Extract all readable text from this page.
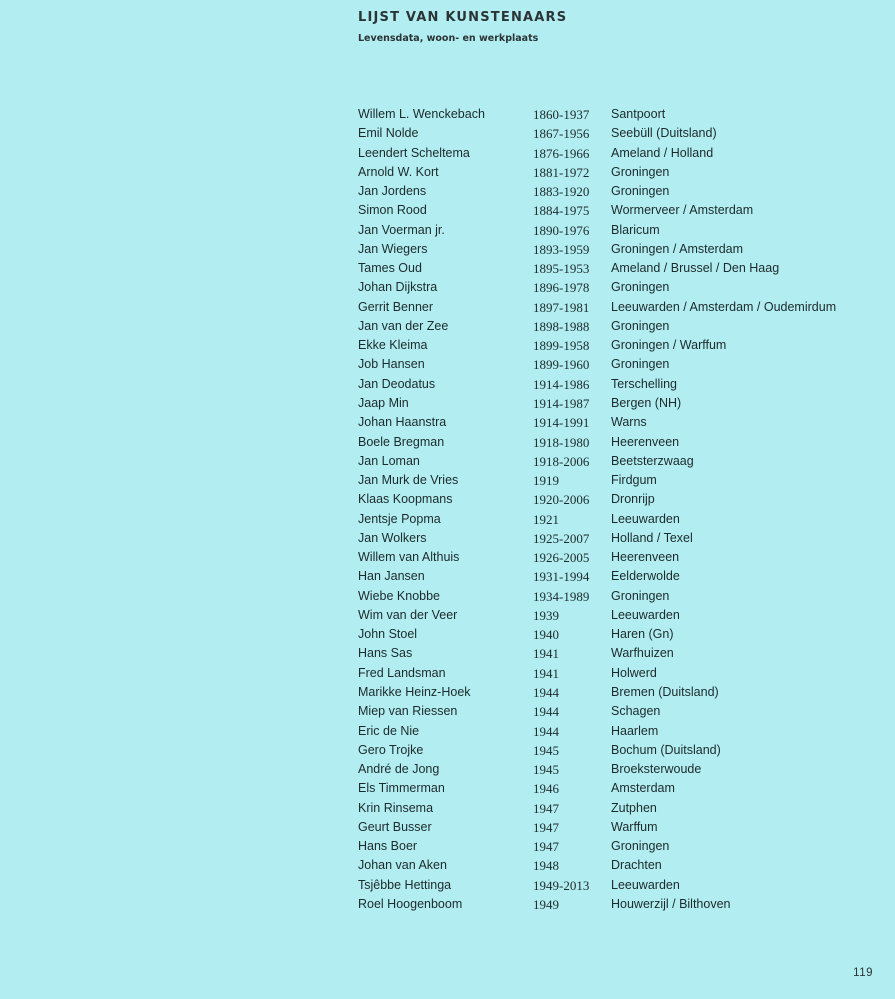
LIJST VAN KUNSTENAARS
Levensdata, woon- en werkplaats
Willem L. Wenckebach	1860-1937	Santpoort
Emil Nolde	1867-1956	Seebüll (Duitsland)
Leendert Scheltema	1876-1966	Ameland / Holland
Arnold W. Kort	1881-1972	Groningen
Jan Jordens	1883-1920	Groningen
Simon Rood	1884-1975	Wormerveer / Amsterdam
Jan Voerman jr.	1890-1976	Blaricum
Jan Wiegers	1893-1959	Groningen / Amsterdam
Tames Oud	1895-1953	Ameland / Brussel / Den Haag
Johan Dijkstra	1896-1978	Groningen
Gerrit Benner	1897-1981	Leeuwarden / Amsterdam / Oudemirdum
Jan van der Zee	1898-1988	Groningen
Ekke Kleima	1899-1958	Groningen / Warffum
Job Hansen	1899-1960	Groningen
Jan Deodatus	1914-1986	Terschelling
Jaap Min	1914-1987	Bergen (NH)
Johan Haanstra	1914-1991	Warns
Boele Bregman	1918-1980	Heerenveen
Jan Loman	1918-2006	Beetsterzwaag
Jan Murk de Vries	1919	Firdgum
Klaas Koopmans	1920-2006	Dronrijp
Jentsje Popma	1921	Leeuwarden
Jan Wolkers	1925-2007	Holland / Texel
Willem van Althuis	1926-2005	Heerenveen
Han Jansen	1931-1994	Eelderwolde
Wiebe Knobbe	1934-1989	Groningen
Wim van der Veer	1939	Leeuwarden
John Stoel	1940	Haren (Gn)
Hans Sas	1941	Warfhuizen
Fred Landsman	1941	Holwerd
Marikke Heinz-Hoek	1944	Bremen (Duitsland)
Miep van Riessen	1944	Schagen
Eric de Nie	1944	Haarlem
Gero Trojke	1945	Bochum (Duitsland)
André de Jong	1945	Broeksterwoude
Els Timmerman	1946	Amsterdam
Krin Rinsema	1947	Zutphen
Geurt Busser	1947	Warffum
Hans Boer	1947	Groningen
Johan van Aken	1948	Drachten
Tsjêbbe Hettinga	1949-2013	Leeuwarden
Roel Hoogenboom	1949	Houwerzijl / Bilthoven
119
